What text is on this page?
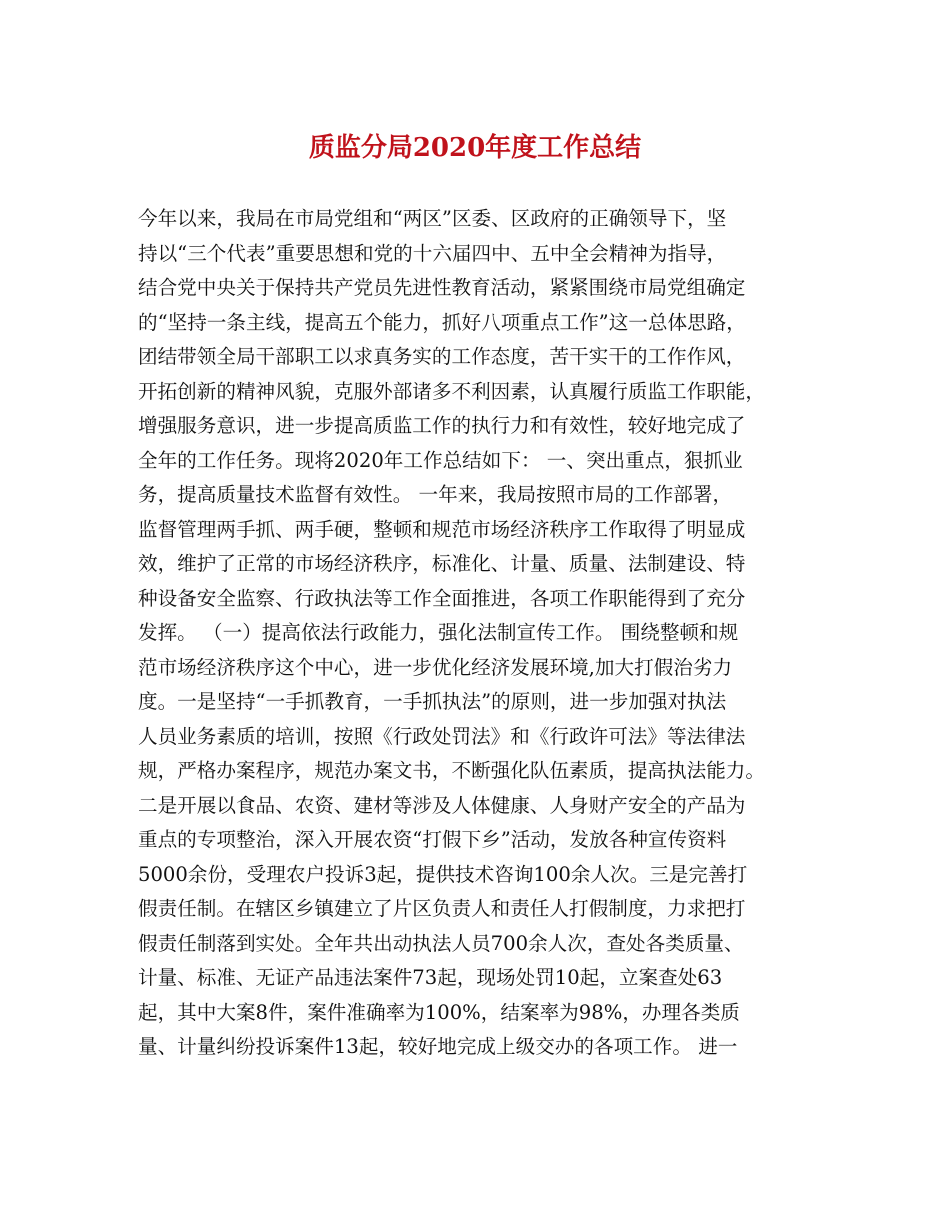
质监分局2020年度工作总结
今年以来，我局在市局党组和“两区”区委、区政府的正确领导下，坚
持以“三个代表”重要思想和党的十六届四中、五中全会精神为指导，
结合党中央关于保持共产党员先进性教育活动，紧紧围绕市局党组确定
的“坚持一条主线，提高五个能力，抓好八项重点工作”这一总体思路，
团结带领全局干部职工以求真务实的工作态度，苦干实干的工作作风，
开拓创新的精神风貌，克服外部诸多不利因素，认真履行质监工作职能，
增强服务意识，进一步提高质监工作的执行力和有效性，较好地完成了
全年的工作任务。现将2020年工作总结如下： 一、突出重点，狠抓业
务，提高质量技术监督有效性。 一年来，我局按照市局的工作部署，
监督管理两手抓、两手硬，整顿和规范市场经济秩序工作取得了明显成
效，维护了正常的市场经济秩序，标准化、计量、质量、法制建设、特
种设备安全监察、行政执法等工作全面推进，各项工作职能得到了充分
发挥。 （一）提高依法行政能力，强化法制宣传工作。 围绕整顿和规
范市场经济秩序这个中心，进一步优化经济发展环境,加大打假治劣力
度。一是坚持“一手抓教育，一手抓执法”的原则，进一步加强对执法
人员业务素质的培训，按照《行政处罚法》和《行政许可法》等法律法
规，严格办案程序，规范办案文书，不断强化队伍素质，提高执法能力。
二是开展以食品、农资、建材等涉及人体健康、人身财产安全的产品为
重点的专项整治，深入开展农资“打假下乡”活动，发放各种宣传资料
5000余份，受理农户投诉3起，提供技术咨询100余人次。三是完善打
假责任制。在辖区乡镇建立了片区负责人和责任人打假制度，力求把打
假责任制落到实处。全年共出动执法人员700余人次，查处各类质量、
计量、标准、无证产品违法案件73起，现场处罚10起，立案查处63
起，其中大案8件，案件准确率为100%，结案率为98%，办理各类质
量、计量纠纷投诉案件13起，较好地完成上级交办的各项工作。 进一
